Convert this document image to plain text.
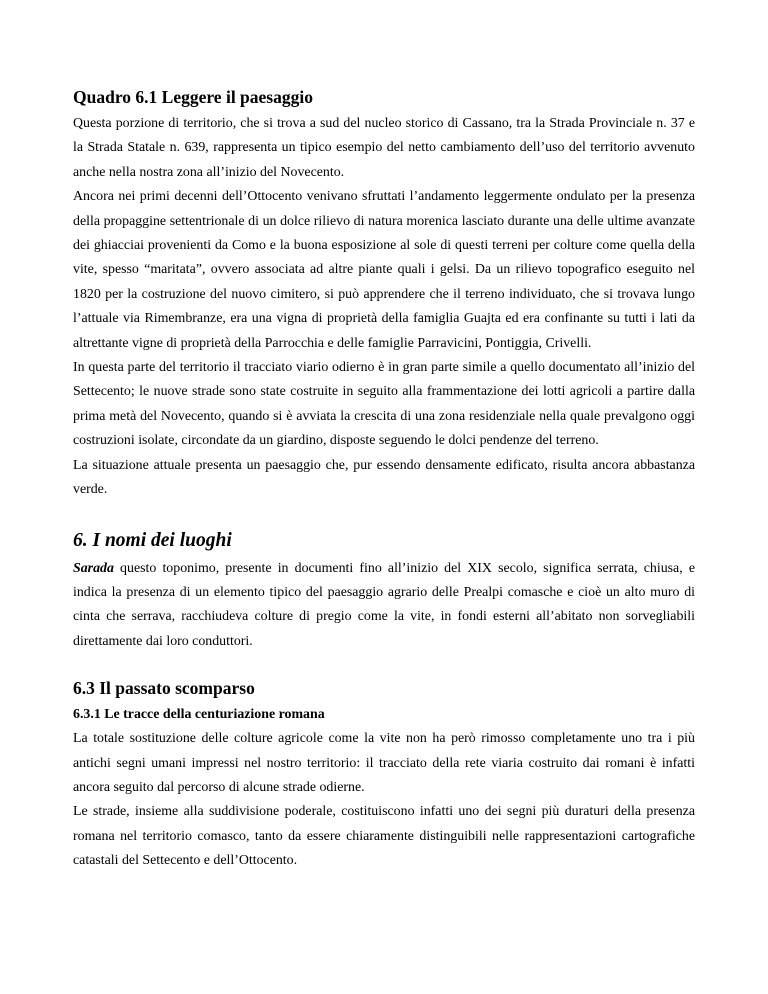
Quadro 6.1 Leggere il paesaggio

Questa porzione di territorio, che si trova a sud del nucleo storico di Cassano, tra la Strada Provinciale n. 37 e la Strada Statale n. 639, rappresenta un tipico esempio del netto cambiamento dell’uso del territorio avvenuto anche nella nostra zona all’inizio del Novecento.

Ancora nei primi decenni dell’Ottocento venivano sfruttati l’andamento leggermente ondulato per la presenza della propaggine settentrionale di un dolce rilievo di natura morenica lasciato durante una delle ultime avanzate dei ghiacciai provenienti da Como e la buona esposizione al sole di questi terreni per colture come quella della vite, spesso “maritata”, ovvero associata ad altre piante quali i gelsi. Da un rilievo topografico eseguito nel 1820 per la costruzione del nuovo cimitero, si può apprendere che il terreno individuato, che si trovava lungo l’attuale via Rimembranze, era una vigna di proprietà della famiglia Guajta ed era confinante su tutti i lati da altrettante vigne di proprietà della Parrocchia e delle famiglie Parravicini, Pontiggia, Crivelli.

In questa parte del territorio il tracciato viario odierno è in gran parte simile a quello documentato all’inizio del Settecento; le nuove strade sono state costruite in seguito alla frammentazione dei lotti agricoli a partire dalla prima metà del Novecento, quando si è avviata la crescita di una zona residenziale nella quale prevalgono oggi costruzioni isolate, circondate da un giardino, disposte seguendo le dolci pendenze del terreno.

La situazione attuale presenta un paesaggio che, pur essendo densamente edificato, risulta ancora abbastanza verde.

6. I nomi dei luoghi

Sarada questo toponimo, presente in documenti fino all’inizio del XIX secolo, significa serrata, chiusa, e indica la presenza di un elemento tipico del paesaggio agrario delle Prealpi comasche e cioè un alto muro di cinta che serrava, racchiudeva colture di pregio come la vite, in fondi esterni all’abitato non sorvegliabili direttamente dai loro conduttori.

6.3 Il passato scomparso
6.3.1 Le tracce della centuriazione romana

La totale sostituzione delle colture agricole come la vite non ha però rimosso completamente uno tra i più antichi segni umani impressi nel nostro territorio: il tracciato della rete viaria costruito dai romani è infatti ancora seguito dal percorso di alcune strade odierne.

Le strade, insieme alla suddivisione poderale, costituiscono infatti uno dei segni più duraturi della presenza romana nel territorio comasco, tanto da essere chiaramente distinguibili nelle rappresentazioni cartografiche catastali del Settecento e dell’Ottocento.
